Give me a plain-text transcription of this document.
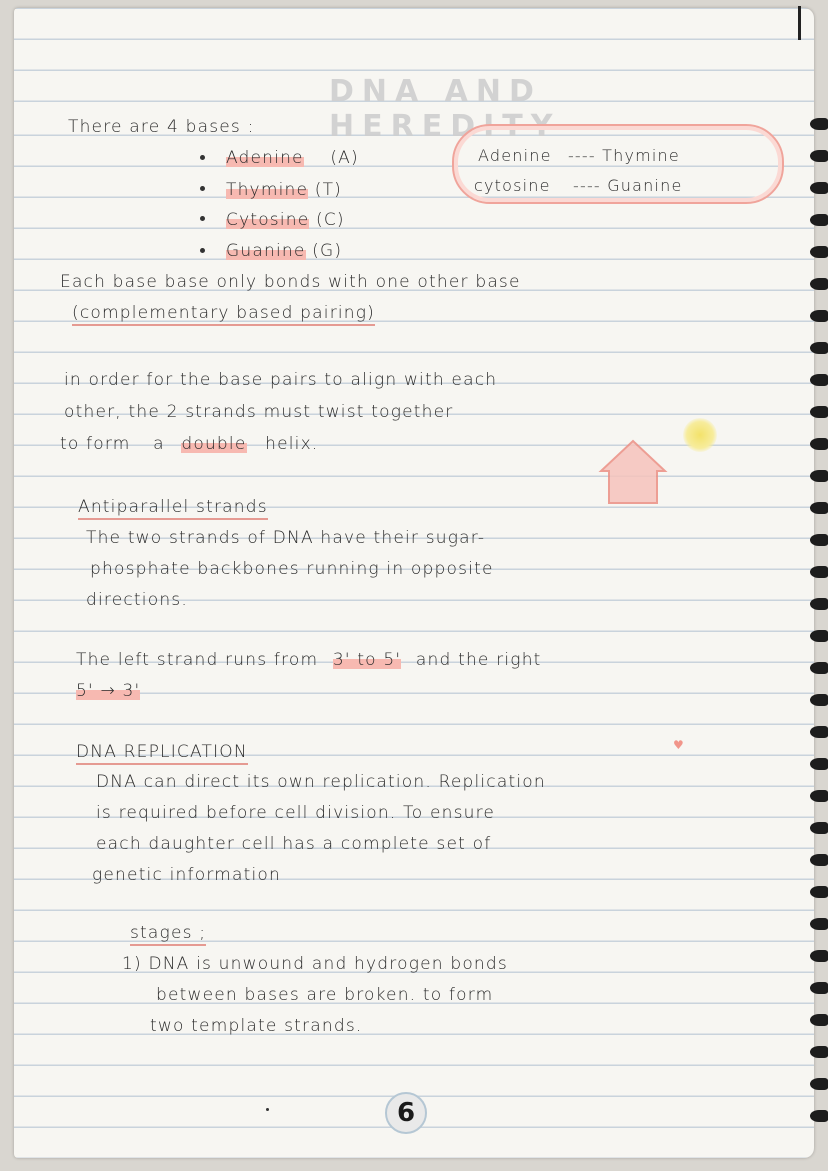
DNA AND HEREDITY
There are 4 bases :
Adenine (A)
Thymine (T)
Cytosine (C)
Guanine (G)
Adenine ---- Thymine
cytosine ---- Guanine
Each base base only bonds with one other base
(complementary based pairing)
in order for the base pairs to align with each
other, the 2 strands must twist together
to form a double helix.
Antiparallel strands
The two strands of DNA have their sugar-
phosphate backbones running in opposite
directions.
The left strand runs from 3' to 5' and the right
5' → 3'
DNA REPLICATION	♥
DNA can direct its own replication. Replication
is required before cell division. To ensure
each daughter cell has a complete set of
genetic information
stages ;
1) DNA is unwound and hydrogen bonds
between bases are broken. to form
two template strands.
6
